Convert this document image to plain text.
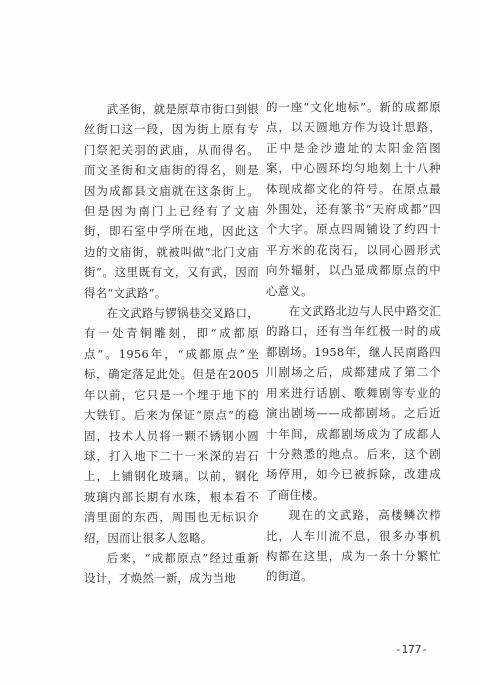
武圣街，就是原草市街口到银丝街口这一段，因为街上原有专门祭祀关羽的武庙，从而得名。而文圣街和文庙街的得名，则是因为成都县文庙就在这条街上。但是因为南门上已经有了文庙街，即石室中学所在地，因此这边的文庙街，就被叫做“北门文庙街”。这里既有文，又有武，因而得名“文武路”。

在文武路与锣锅巷交叉路口，有一处青铜雕刻，即“成都原点”。1956年，“成都原点”坐标，确定落足此处。但是在2005年以前，它只是一个埋于地下的大铁钉。后来为保证“原点”的稳固，技术人员将一颗不锈钢小圆球，打入地下二十一米深的岩石上，上铺钢化玻璃。以前，钢化玻璃内部长期有水珠，根本看不清里面的东西，周围也无标识介绍，因而让很多人忽略。

后来，“成都原点”经过重新设计，才焕然一新，成为当地

的一座“文化地标”。新的成都原点，以天圆地方作为设计思路，正中是金沙遗址的太阳金箔图案，中心圆环均匀地刻上十八种体现成都文化的符号。在原点最外围处，还有篆书“天府成都”四个大字。原点四周铺设了约四十平方米的花岗石，以同心圆形式向外辐射，以凸显成都原点的中心意义。

在文武路北边与人民中路交汇的路口，还有当年红极一时的成都剧场。1958年，继人民南路四川剧场之后，成都建成了第二个用来进行话剧、歌舞剧等专业的演出剧场——成都剧场。之后近十年间，成都剧场成为了成都人十分熟悉的地点。后来，这个剧场停用，如今已被拆除，改建成了商住楼。

现在的文武路，高楼鳞次栉比，人车川流不息，很多办事机构都在这里，成为一条十分繁忙的街道。

-177-
